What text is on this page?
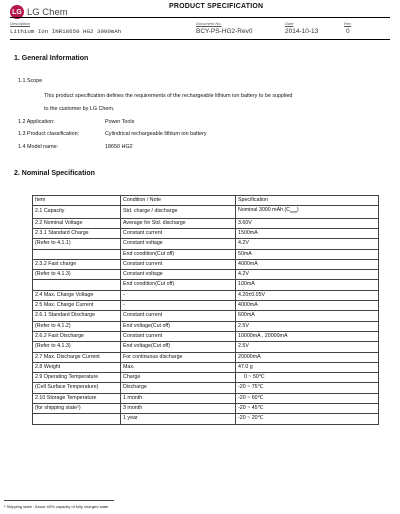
LG LG Chem	PRODUCT SPECIFICATION
Description	Document No.	Date	Rev
Lithium Ion INR18650 HG2 3000mAh	BCY-PS-HG2-Rev0	2014-10-13	0
1. General Information
1.1 Scope
This product specification defines the requirements of the rechargeable lithium ion battery to be supplied
to the customer by LG Chem.
1.2 Application:	Power Tools
1.3 Product classification:	Cylindrical rechargeable lithium ion battery
1.4 Model name:	18650 HG2
2. Nominal Specification
Item	Condition / Note	Specification
2.1 Capacity	Std. charge / discharge	Nominal 3000 mAh $(C_{nom})$
2.2 Nominal Voltage	Average for Std. discharge	3.60V
2.3.1 Standard Charge	Constant current	1500mA
(Refer to 4.1.1)	Constant voltage	4.2V
	End condition(Cut off)	50mA
2.3.2 Fast charge	Constant current	4000mA
(Refer to 4.1.3)	Constant voltage	4.2V
	End condition(Cut off)	100mA
2.4 Max. Charge Voltage	-	4.20±0.05V
2.5 Max. Charge Current	-	4000mA
2.6.1 Standard Discharge	Constant current	600mA
(Refer to 4.1.2)	End voltage(Cut off)	2.5V
2.6.2 Fast Discharge	Constant current	10000mA , 20000mA
(Refer to 4.1.3)	End voltage(Cut off)	2.5V
2.7 Max. Discharge Current	For continuous discharge	20000mA
2.8 Weight	Max.	47.0 g
2.9 Operating Temperature	Charge	0 ~ 50℃
(Cell Surface Temperature)	Discharge	-20 ~ 75℃
2.10 Storage Temperature	1 month	-20 ~ 60℃
(for shipping state¹)	3 month	-20 ~ 45℃
	1 year	-20 ~ 20℃
¹ Shipping state : About 40% capacity of fully charged state
